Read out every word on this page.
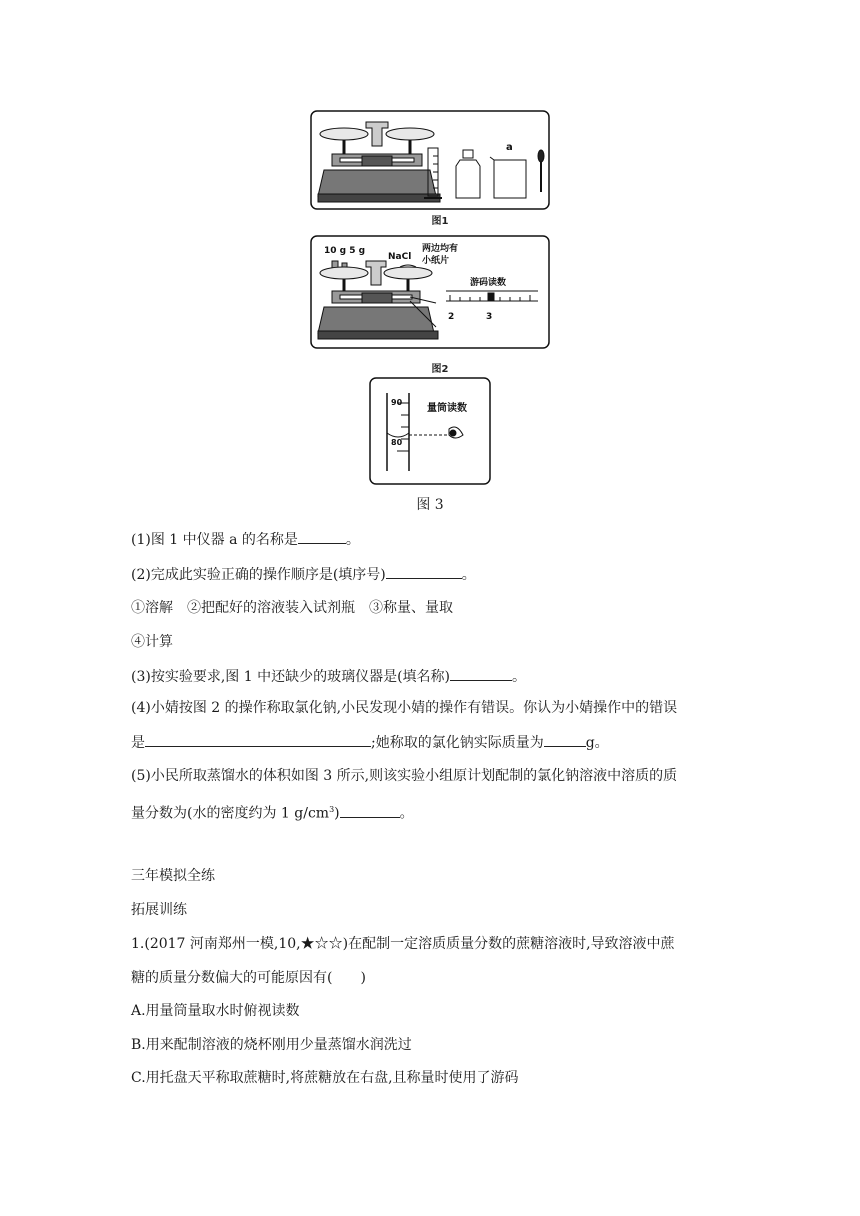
a
图1
10 g 5 g
NaCl
两边均有
小纸片
游码读数
2	3
图2
90
80
量筒读数
图 3
(1)图 1 中仪器 a 的名称是	。
(2)完成此实验正确的操作顺序是(填序号)	。
①溶解　 ②把配好的溶液装入试剂瓶　 ③称量、量取
④计算
(3)按实验要求,图 1 中还缺少的玻璃仪器是(填名称)	。
(4)小婧按图 2 的操作称取氯化钠,小民发现小婧的操作有错误。你认为小婧操作中的错误
是	;她称取的氯化钠实际质量为	g。
(5)小民所取蒸馏水的体积如图 3 所示,则该实验小组原计划配制的氯化钠溶液中溶质的质
量分数为(水的密度约为 1 $g/cm^3$)	。
三年模拟全练
拓展训练
1.(2017 河南郑州一模,10,★☆☆)在配制一定溶质质量分数的蔗糖溶液时,导致溶液中蔗
糖的质量分数偏大的可能原因有(　　)
A.用量筒量取水时俯视读数
B.用来配制溶液的烧杯刚用少量蒸馏水润洗过
C.用托盘天平称取蔗糖时,将蔗糖放在右盘,且称量时使用了游码
